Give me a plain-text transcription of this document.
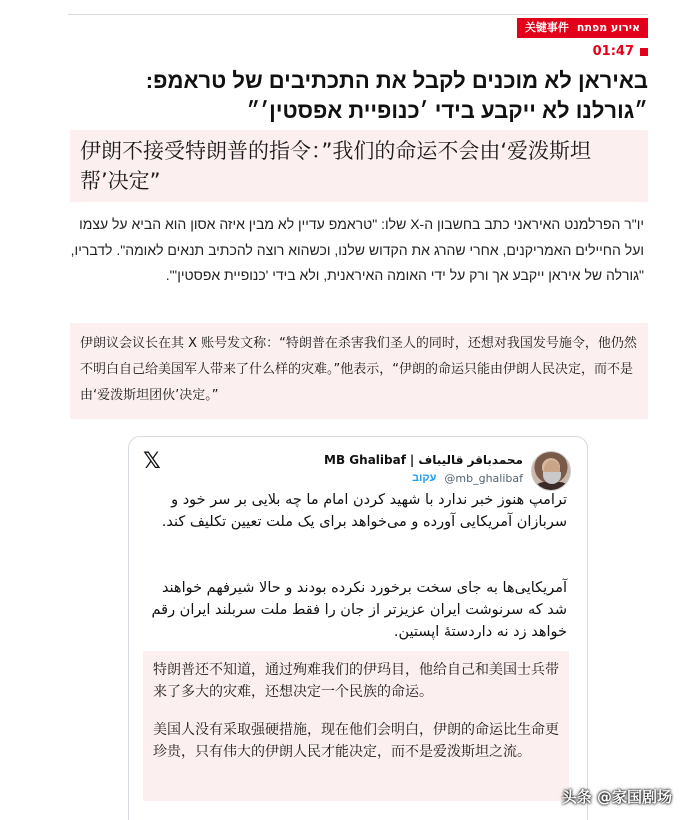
关键事件 אירוע מפתח
01:47
באיראן לא מוכנים לקבל את התכתיבים של טראמפ: ״גורלנו לא ייקבע בידי ׳כנופיית אפסטין׳״
伊朗不接受特朗普的指令：”我们的命运不会由‘爱泼斯坦帮’决定”

יו"ר הפרלמנט האיראני כתב בחשבון ה-X שלו: "טראמפ עדיין לא מבין איזה אסון הוא הביא על עצמו ועל החיילים האמריקנים, אחרי שהרג את הקדוש שלנו, וכשהוא רוצה להכתיב תנאים לאומה". לדבריו, "גורלה של איראן ייקבע אך ורק על ידי האומה האיראנית, ולא בידי 'כנופיית אפסטין'".

伊朗议会议长在其 X 账号发文称：“特朗普在杀害我们圣人的同时，还想对我国发号施令，他仍然不明白自己给美国军人带来了什么样的灾难。”他表示，“伊朗的命运只能由伊朗人民决定，而不是由‘爱泼斯坦团伙’决定。”
𝕏	MB Ghalibaf | محمدباقر قالیباف
עקוב @mb_ghalibaf

ترامپ هنوز خبر ندارد با شهید کردن امام ما چه بلایی بر سر خود و سربازان آمریکایی آورده و می‌خواهد برای یک ملت تعیین تکلیف کند.

آمریکایی‌ها به جای سخت برخورد نکرده بودند و حالا شیرفهم خواهند شد که سرنوشت ایران عزیزتر از جان را فقط ملت سربلند ایران رقم خواهد زد نه داردستهٔ اپستین.

特朗普还不知道，通过殉难我们的伊玛目，他给自己和美国士兵带来了多大的灾难，还想决定一个民族的命运。

美国人没有采取强硬措施，现在他们会明白，伊朗的命运比生命更珍贵，只有伟大的伊朗人民才能决定，而不是爱泼斯坦之流。

头条 @家国剧场
